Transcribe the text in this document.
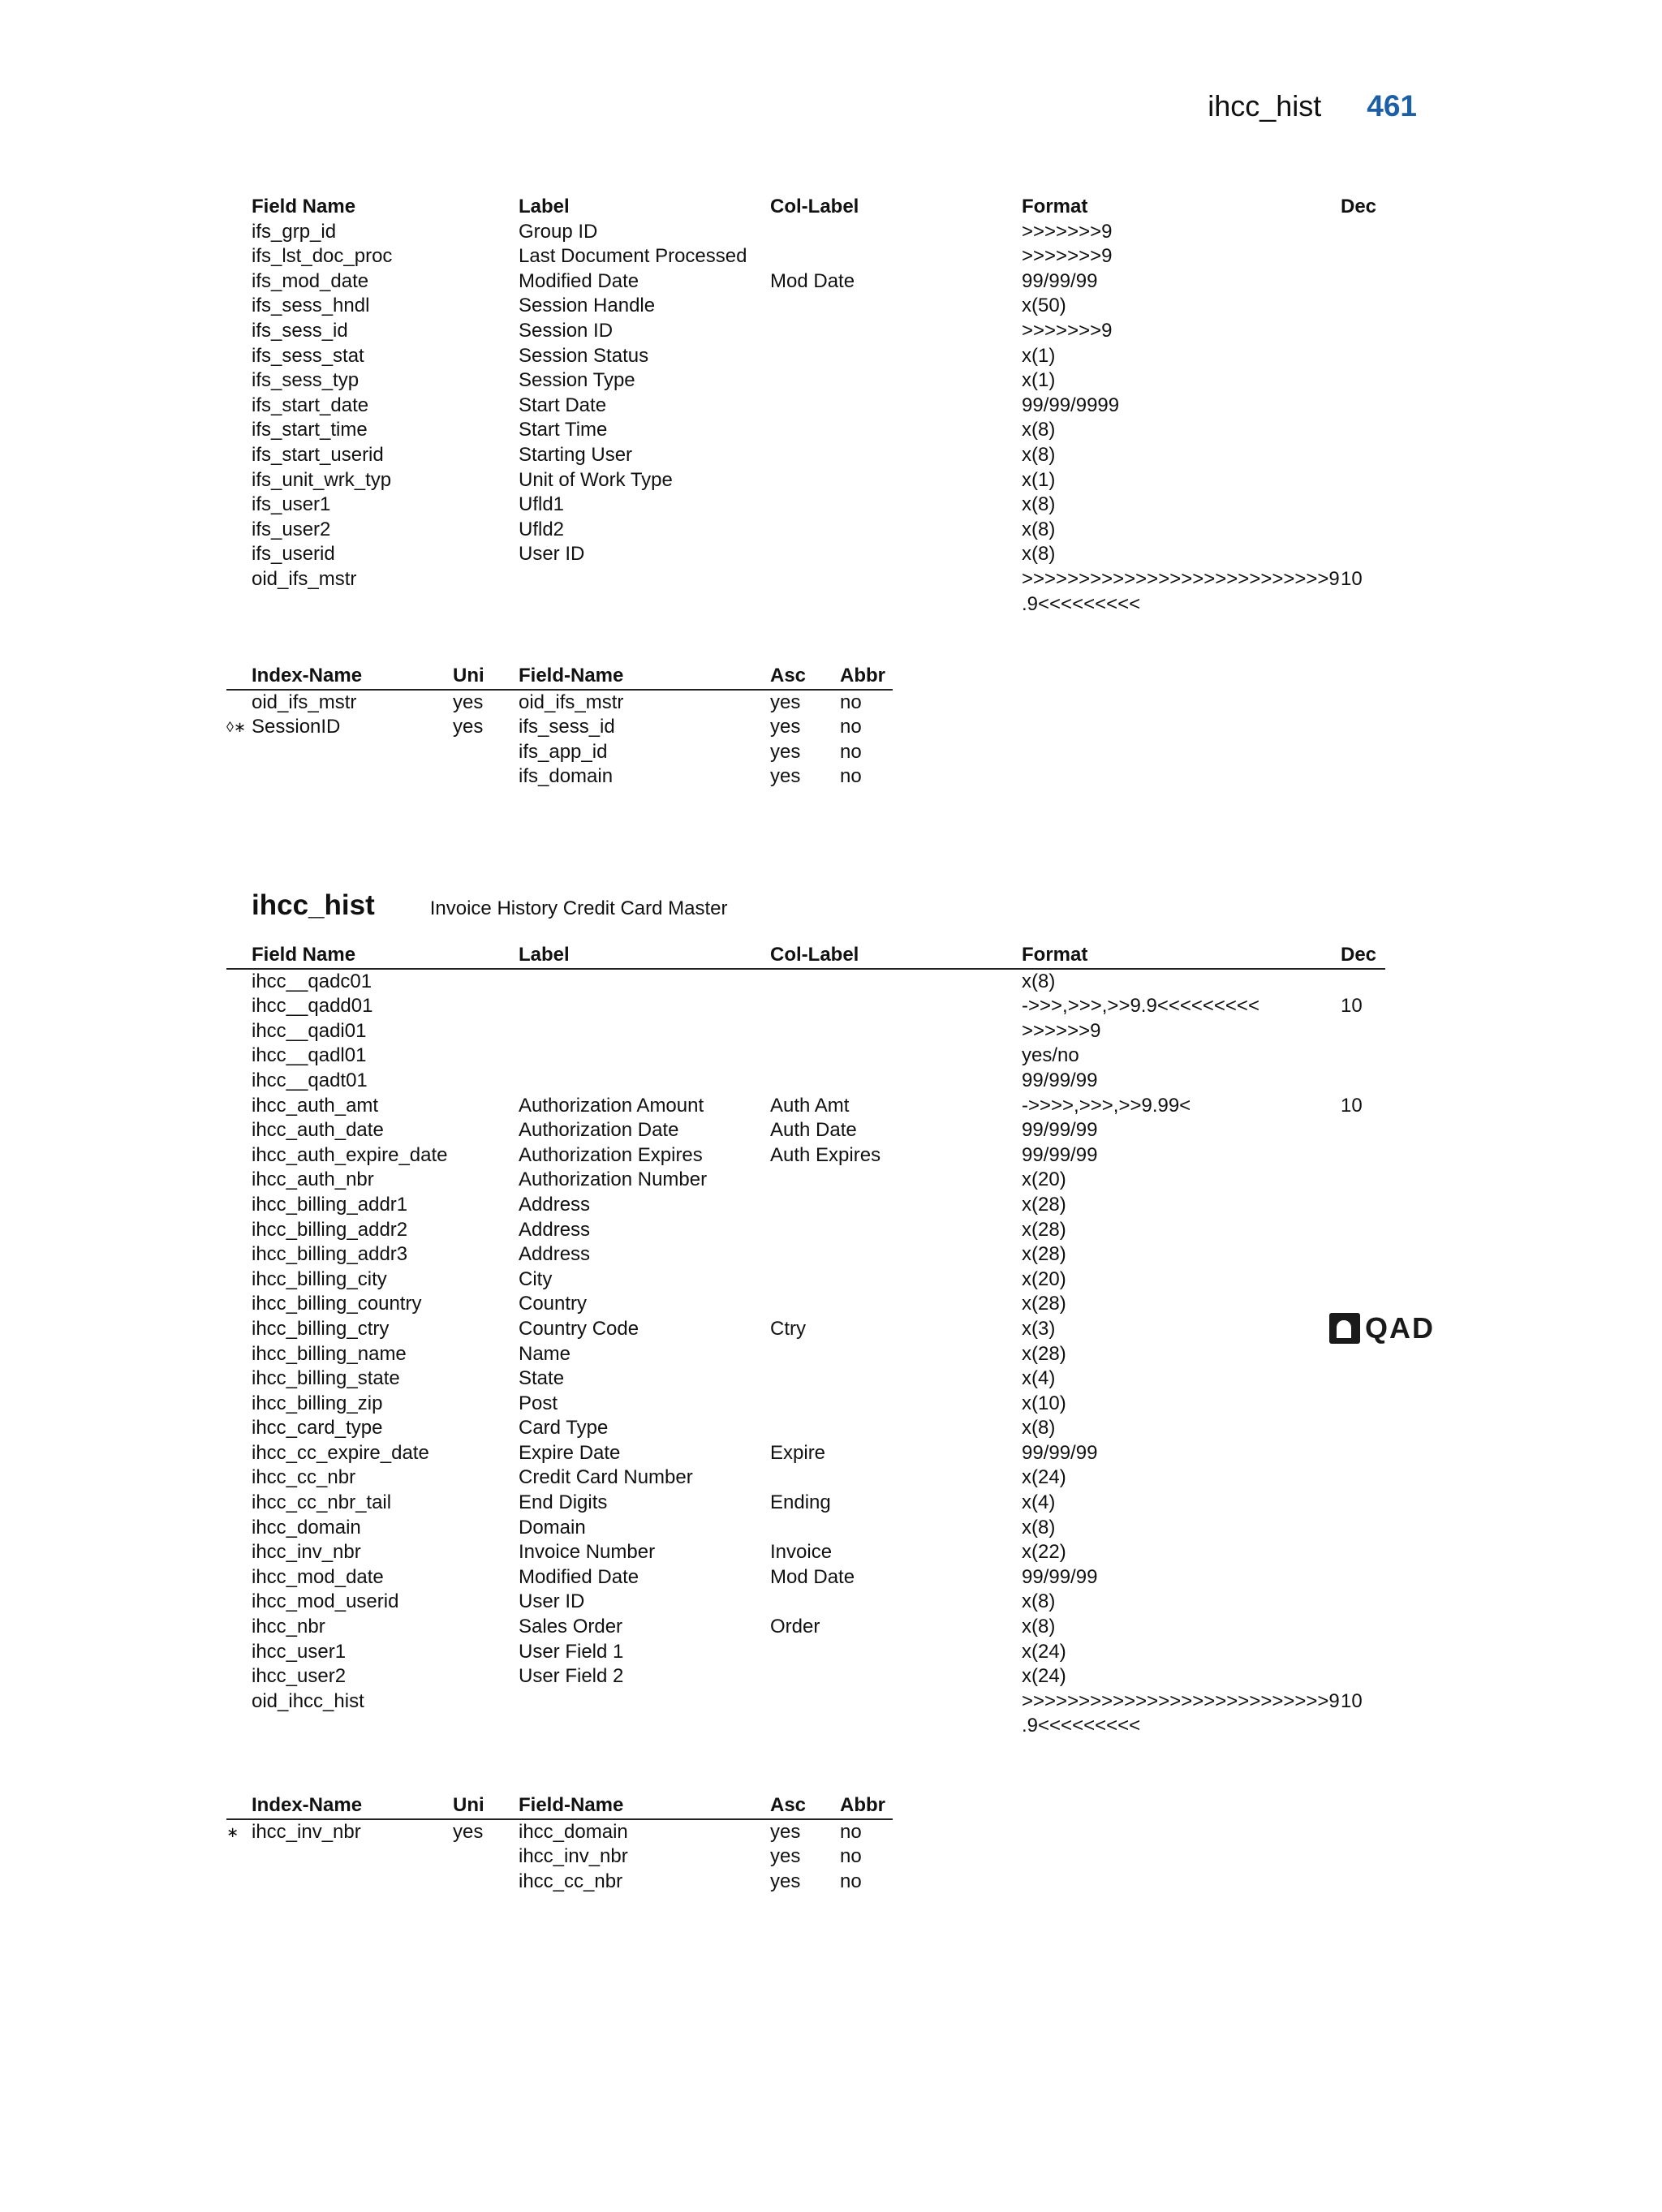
ihcc_hist 461
	Field Name	Label	Col-Label	Format	Dec
	ifs_grp_id	Group ID		>>>>>>>9	

	ifs_lst_doc_proc	Last Document Processed		>>>>>>>9	

	ifs_mod_date	Modified Date	Mod Date	99/99/99	

	ifs_sess_hndl	Session Handle		x(50)	

	ifs_sess_id	Session ID		>>>>>>>9	

	ifs_sess_stat	Session Status		x(1)	

	ifs_sess_typ	Session Type		x(1)	

	ifs_start_date	Start Date		99/99/9999	

	ifs_start_time	Start Time		x(8)	

	ifs_start_userid	Starting User		x(8)	

	ifs_unit_wrk_typ	Unit of Work Type		x(1)	

	ifs_user1	Ufld1		x(8)	

	ifs_user2	Ufld2		x(8)	

	ifs_userid	User ID		x(8)	

	oid_ifs_mstr			>>>>>>>>>>>>>>>>>>>>>>>>>>>9
.9<<<<<<<<<	10
	Index-Name	Uni	Field-Name	Asc	Abbr
	oid_ifs_mstr	yes	oid_ifs_mstr	yes	no
◊∗	SessionID	yes	ifs_sess_id	yes	no
			ifs_app_id	yes	no
			ifs_domain	yes	no
ihcc_hist	Invoice History Credit Card Master
	Field Name	Label	Col-Label	Format	Dec
	ihcc__qadc01			x(8)	

	ihcc__qadd01			->>>,>>>,>>9.9<<<<<<<<<	10
	ihcc__qadi01			>>>>>>9	

	ihcc__qadl01			yes/no	

	ihcc__qadt01			99/99/99	

	ihcc_auth_amt	Authorization Amount	Auth Amt	->>>>,>>>,>>9.99<	10
	ihcc_auth_date	Authorization Date	Auth Date	99/99/99	

	ihcc_auth_expire_date	Authorization Expires	Auth Expires	99/99/99	

	ihcc_auth_nbr	Authorization Number		x(20)	

	ihcc_billing_addr1	Address		x(28)	

	ihcc_billing_addr2	Address		x(28)	

	ihcc_billing_addr3	Address		x(28)	

	ihcc_billing_city	City		x(20)	

	ihcc_billing_country	Country		x(28)	

	ihcc_billing_ctry	Country Code	Ctry	x(3)	

	ihcc_billing_name	Name		x(28)	

	ihcc_billing_state	State		x(4)	

	ihcc_billing_zip	Post		x(10)	

	ihcc_card_type	Card Type		x(8)	

	ihcc_cc_expire_date	Expire Date	Expire	99/99/99	

	ihcc_cc_nbr	Credit Card Number		x(24)	

	ihcc_cc_nbr_tail	End Digits	Ending	x(4)	

	ihcc_domain	Domain		x(8)	

	ihcc_inv_nbr	Invoice Number	Invoice	x(22)	

	ihcc_mod_date	Modified Date	Mod Date	99/99/99	

	ihcc_mod_userid	User ID		x(8)	

	ihcc_nbr	Sales Order	Order	x(8)	

	ihcc_user1	User Field 1		x(24)	

	ihcc_user2	User Field 2		x(24)	

	oid_ihcc_hist			>>>>>>>>>>>>>>>>>>>>>>>>>>>9
.9<<<<<<<<<	10
	Index-Name	Uni	Field-Name	Asc	Abbr
∗	ihcc_inv_nbr	yes	ihcc_domain	yes	no
			ihcc_inv_nbr	yes	no
			ihcc_cc_nbr	yes	no
QAD
